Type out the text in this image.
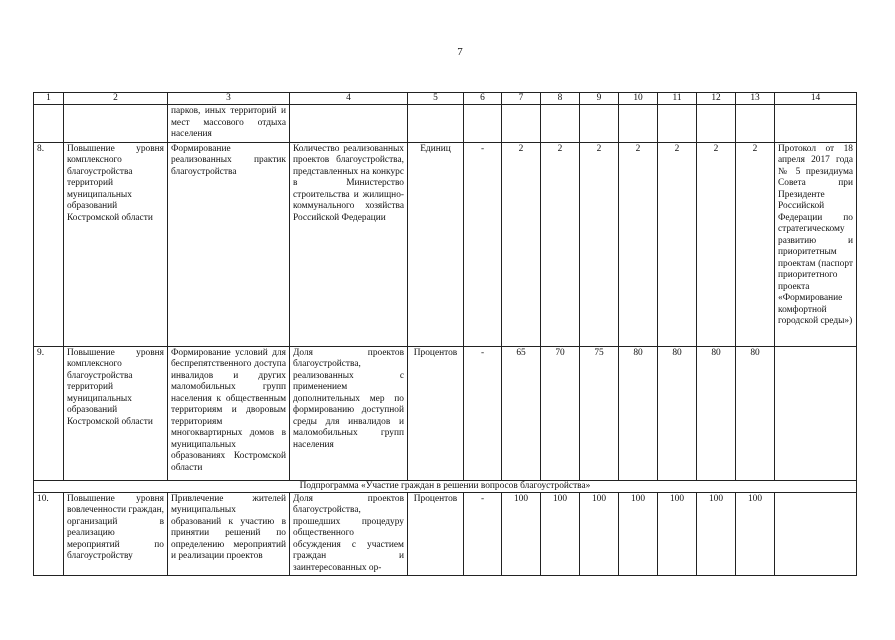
7
1	2	3	4	5	6	7	8	9	10	11	12	13	14
		парков, иных территорий и мест массового отдыха населения											
8.	Повышение уровня комплексного благоустройства территорий муниципальных образований Костромской области	Формирование реализованных практик благоустройства	Количество реализованных проектов благоустройства, представленных на конкурс в Министерство строительства и жилищно-коммунального хозяйства Российской Федерации	Единиц	-	2	2	2	2	2	2	2	Протокол от 18 апреля 2017 года № 5 президиума Совета при Президенте Российской Федерации по стратегическому развитию и приоритетным проектам (паспорт приоритетного проекта «Формирование комфортной городской среды»)
9.	Повышение уровня комплексного благоустройства территорий муниципальных образований Костромской области	Формирование условий для беспрепятственного доступа инвалидов и других маломобильных групп населения к общественным территориям и дворовым территориям многоквартирных домов в муниципальных образованиях Костромской области	Доля проектов благоустройства, реализованных с применением дополнительных мер по формированию доступной среды для инвалидов и маломобильных групп населения	Процентов	-	65	70	75	80	80	80	80	
Подпрограмма «Участие граждан в решении вопросов благоустройства»													
10.	Повышение уровня вовлеченности граждан, организаций в реализацию мероприятий по благоустройству	Привлечение жителей муниципальных образований к участию в принятии решений по определению мероприятий и реализации проектов	Доля проектов благоустройства, прошедших процедуру общественного обсуждения с участием граждан и заинтересованных ор-	Процентов	-	100	100	100	100	100	100	100	
